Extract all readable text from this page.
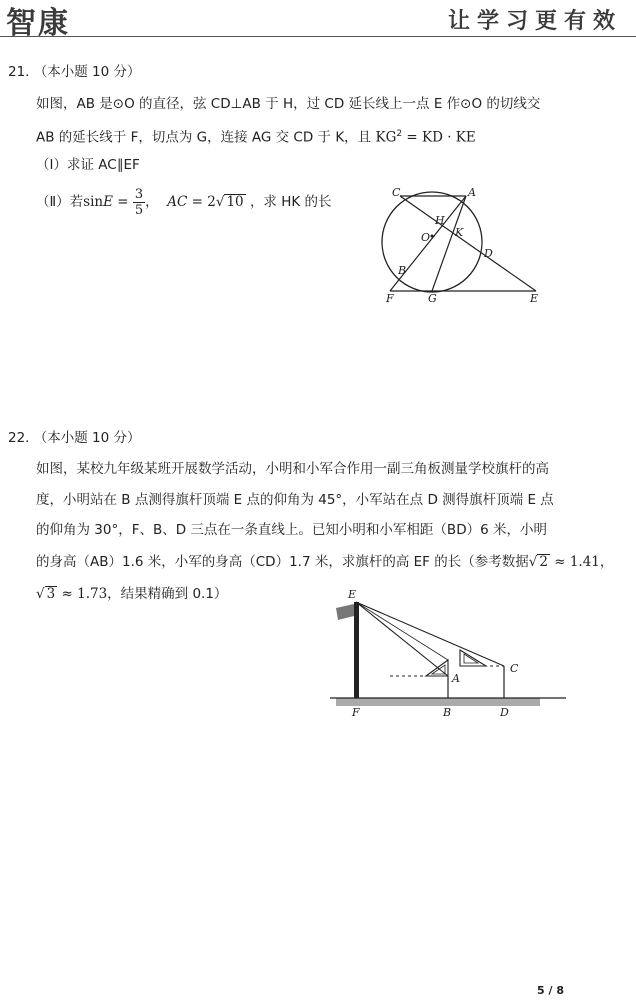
智康	让学习更有效
21. （本小题 10 分）
如图，AB 是⊙O 的直径，弦 CD⊥AB 于 H，过 CD 延长线上一点 E 作⊙O 的切线交
AB 的延长线于 F，切点为 G，连接 AG 交 CD 于 K，且 $KG^2$ = KD · KE
（I）求证 AC∥EF
（Ⅱ）若$\sin E = \frac{3}{5}$ ， AC = 2√ 10 ，求 HK 的长
C	A
H
O K
D
B
F	G	E
22. （本小题 10 分）
如图，某校九年级某班开展数学活动，小明和小军合作用一副三角板测量学校旗杆的高
度，小明站在 B 点测得旗杆顶端 E 点的仰角为 45°，小军站在点 D 测得旗杆顶端 E 点
的仰角为 30°，F、B、D 三点在一条直线上。已知小明和小军相距（BD）6 米，小明
的身高（AB）1.6 米，小军的身高（CD）1.7 米，求旗杆的高 EF 的长（参考数据√ 2 ≈ 1.41，
√ 3 ≈ 1.73，结果精确到 0.1）	E
C
A
F	B	D
5 / 8
